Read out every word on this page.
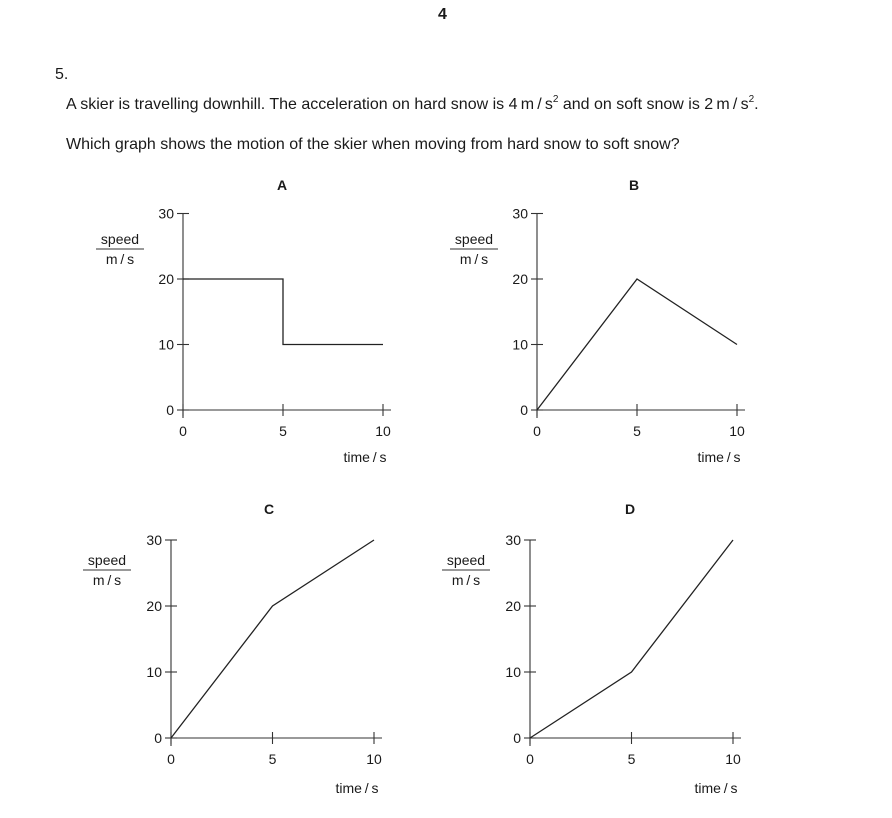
4
5.
A skier is travelling downhill. The acceleration on hard snow is 4 m / $s^2$ and on soft snow is 2 m / $s^2$.
Which graph shows the motion of the skier when moving from hard snow to soft snow?
A
0
10
20
30
0	5	10
speed
m / s
time / s
B
0
10
20
30
0	5	10
speed
m / s
time / s
C
0
10
20
30
0	5	10
speed
m / s
time / s
D
0
10
20
30
0	5	10
speed
m / s
time / s
